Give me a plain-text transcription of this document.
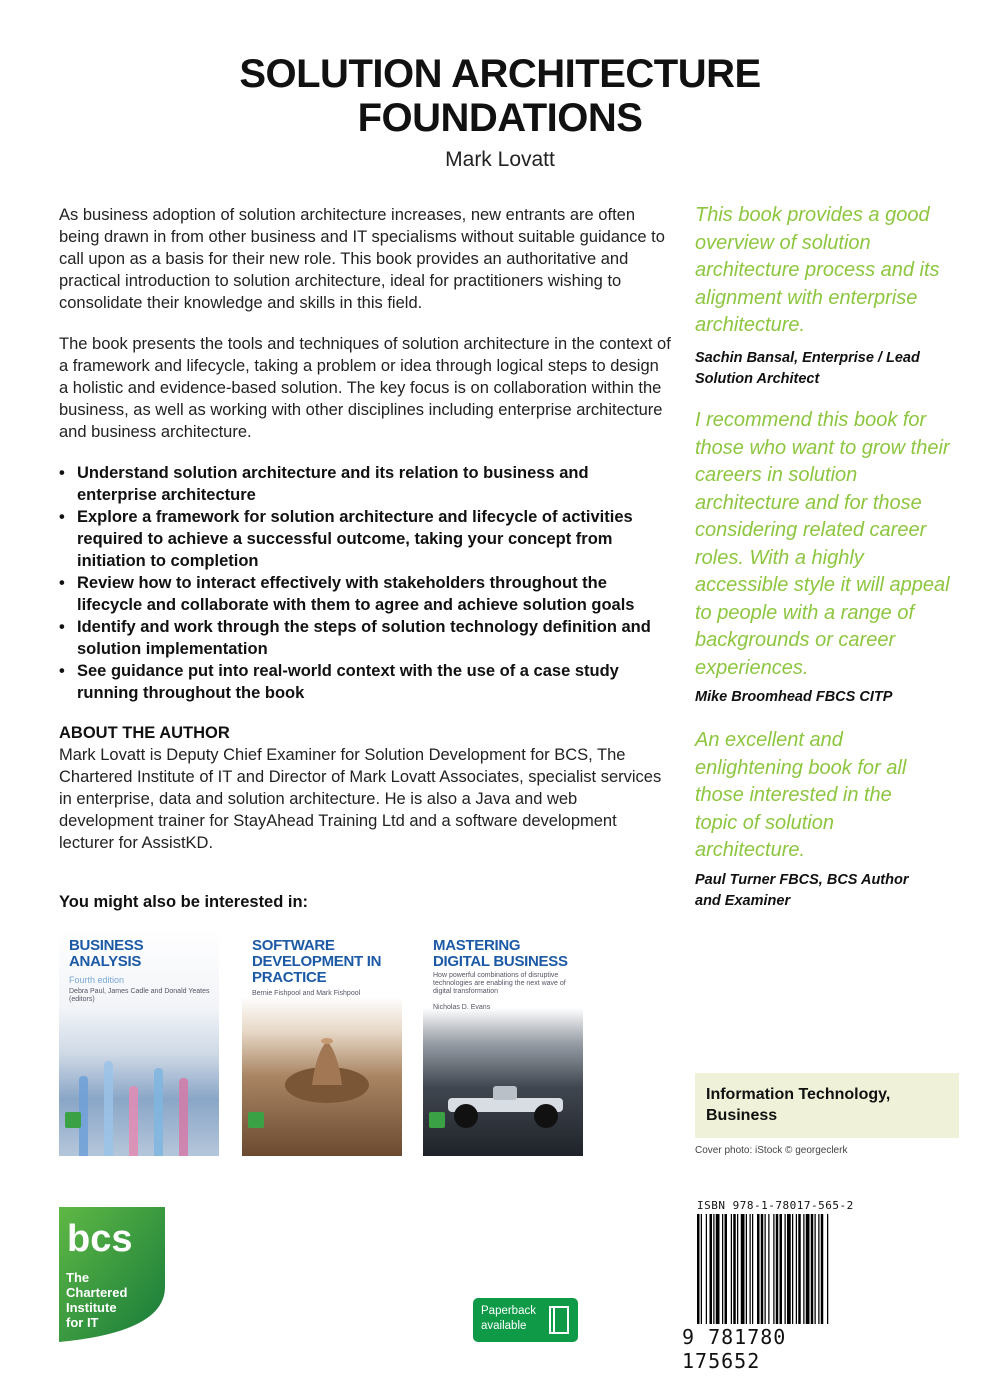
SOLUTION ARCHITECTURE
FOUNDATIONS
Mark Lovatt

As business adoption of solution architecture increases, new entrants are often being drawn in from other business and IT specialisms without suitable guidance to call upon as a basis for their new role. This book provides an authoritative and practical introduction to solution architecture, ideal for practitioners wishing to consolidate their knowledge and skills in this field.

The book presents the tools and techniques of solution architecture in the context of a framework and lifecycle, taking a problem or idea through logical steps to design a holistic and evidence-based solution. The key focus is on collaboration within the business, as well as working with other disciplines including enterprise architecture and business architecture.

• Understand solution architecture and its relation to business and enterprise architecture
• Explore a framework for solution architecture and lifecycle of activities required to achieve a successful outcome, taking your concept from initiation to completion
• Review how to interact effectively with stakeholders throughout the lifecycle and collaborate with them to agree and achieve solution goals
• Identify and work through the steps of solution technology definition and solution implementation
• See guidance put into real-world context with the use of a case study running throughout the book
ABOUT THE AUTHOR

Mark Lovatt is Deputy Chief Examiner for Solution Development for BCS, The Chartered Institute of IT and Director of Mark Lovatt Associates, specialist services in enterprise, data and solution architecture. He is also a Java and web development trainer for StayAhead Training Ltd and a software development lecturer for AssistKD.

You might also be interested in:
BUSINESS ANALYSIS
Fourth edition
Debra Paul, James Cadle and Donald Yeates (editors)
SOFTWARE DEVELOPMENT IN PRACTICE
Bernie Fishpool and Mark Fishpool
MASTERING DIGITAL BUSINESS
How powerful combinations of disruptive technologies are enabling the next wave of digital transformation
Nicholas D. Evans
This book provides a good overview of solution architecture process and its alignment with enterprise architecture.
Sachin Bansal, Enterprise / Lead Solution Architect
I recommend this book for those who want to grow their careers in solution architecture and for those considering related career roles. With a highly accessible style it will appeal to people with a range of backgrounds or career experiences.
Mike Broomhead FBCS CITP
An excellent and enlightening book for all those interested in the topic of solution architecture.
Paul Turner FBCS, BCS Author and Examiner
Information Technology, Business
Cover photo: iStock © georgeclerk
ISBN 978-1-78017-565-2
9 781780 175652
bcs
The Chartered Institute for IT
Paperback
available
